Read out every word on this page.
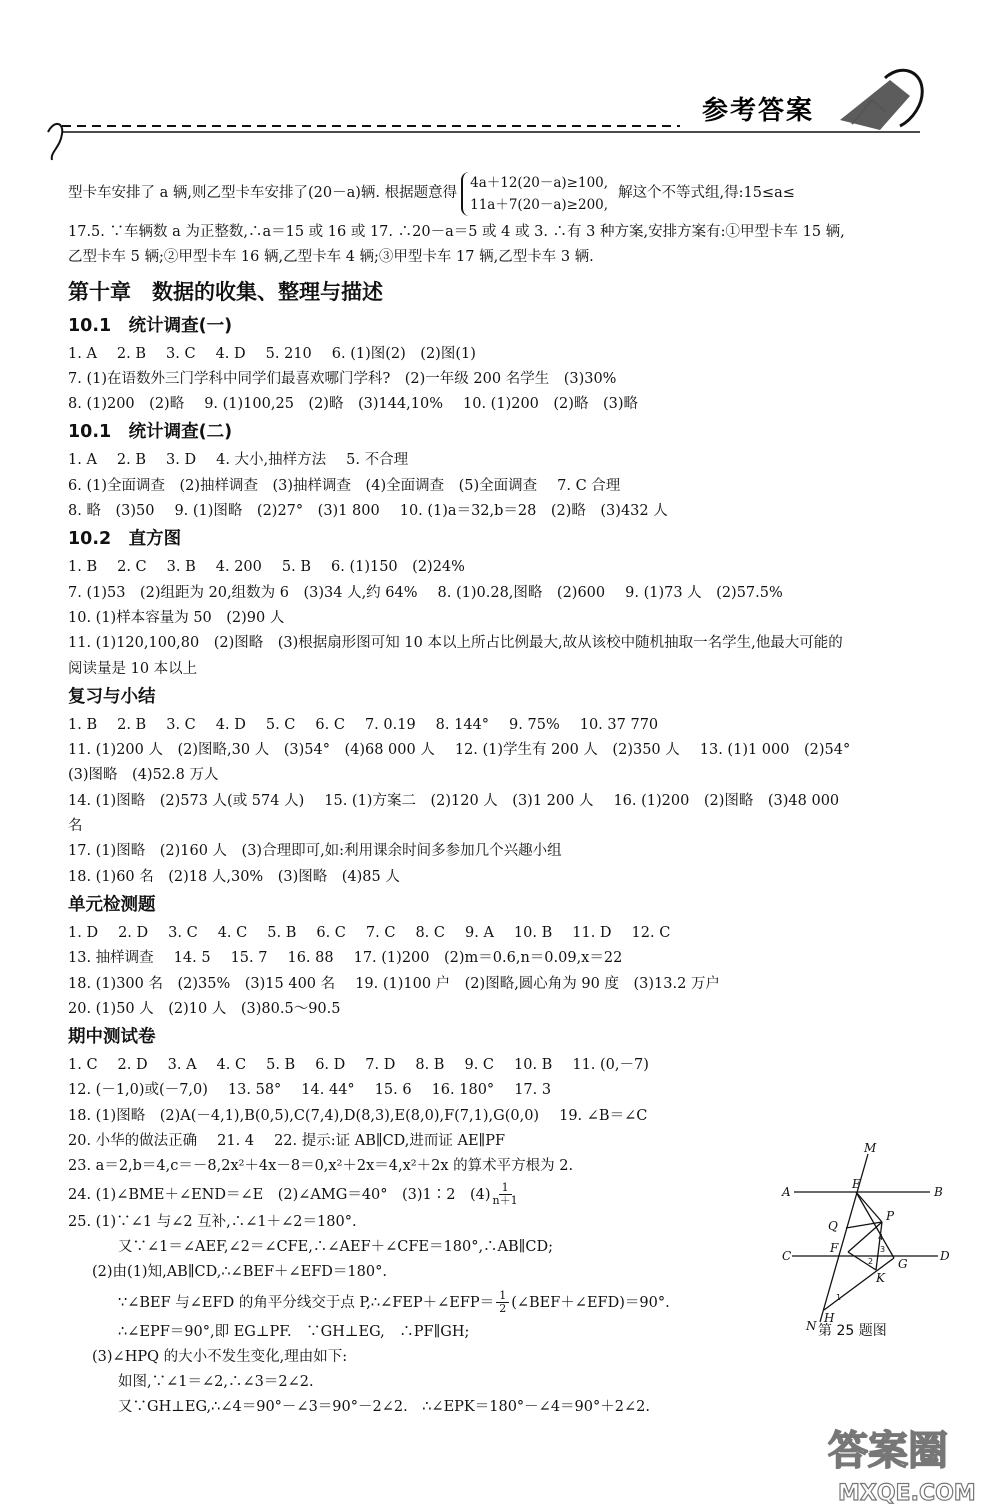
参考答案
型卡车安排了 a 辆,则乙型卡车安排了(20－a)辆. 根据题意得
4a＋12(20－a)≥100,
11a＋7(20－a)≥200,
解这个不等式组,得:15≤a≤
17.5. ∵车辆数 a 为正整数,∴a＝15 或 16 或 17. ∴20－a＝5 或 4 或 3. ∴有 3 种方案,安排方案有:①甲型卡车 15 辆,
乙型卡车 5 辆;②甲型卡车 16 辆,乙型卡车 4 辆;③甲型卡车 17 辆,乙型卡车 3 辆.
第十章　数据的收集、整理与描述
10.1　统计调查(一)
1. A 2. B 3. C 4. D 5. 210 6. (1)图(2)　(2)图(1)
7. (1)在语数外三门学科中同学们最喜欢哪门学科?　(2)一年级 200 名学生　(3)30%
8. (1)200　(2)略 9. (1)100,25　(2)略　(3)144,10% 10. (1)200　(2)略　(3)略
10.1　统计调查(二)
1. A 2. B 3. D 4. 大小,抽样方法 5. 不合理
6. (1)全面调查　(2)抽样调查　(3)抽样调查　(4)全面调查　(5)全面调查 7. C 合理
8. 略　(3)50 9. (1)图略　(2)27°　(3)1 800 10. (1)a＝32,b＝28　(2)略　(3)432 人
10.2　直方图
1. B 2. C 3. B 4. 200 5. B 6. (1)150　(2)24%
7. (1)53　(2)组距为 20,组数为 6　(3)34 人,约 64% 8. (1)0.28,图略　(2)600 9. (1)73 人　(2)57.5%
10. (1)样本容量为 50　(2)90 人
11. (1)120,100,80　(2)图略　(3)根据扇形图可知 10 本以上所占比例最大,故从该校中随机抽取一名学生,他最大可能的
阅读量是 10 本以上
复习与小结
1. B 2. B 3. C 4. D 5. C 6. C 7. 0.19 8. 144° 9. 75% 10. 37 770
11. (1)200 人　(2)图略,30 人　(3)54°　(4)68 000 人 12. (1)学生有 200 人　(2)350 人 13. (1)1 000　(2)54°
(3)图略　(4)52.8 万人
14. (1)图略　(2)573 人(或 574 人) 15. (1)方案二　(2)120 人　(3)1 200 人 16. (1)200　(2)图略　(3)48 000
名
17. (1)图略　(2)160 人　(3)合理即可,如:利用课余时间多参加几个兴趣小组
18. (1)60 名　(2)18 人,30%　(3)图略　(4)85 人
单元检测题
1. D 2. D 3. C 4. C 5. B 6. C 7. C 8. C 9. A 10. B 11. D 12. C
13. 抽样调查 14. 5 15. 7 16. 88 17. (1)200　(2)m＝0.6,n＝0.09,x＝22
18. (1)300 名　(2)35%　(3)15 400 名 19. (1)100 户　(2)图略,圆心角为 90 度　(3)13.2 万户
20. (1)50 人　(2)10 人　(3)80.5～90.5
期中测试卷
1. C 2. D 3. A 4. C 5. B 6. D 7. D 8. B 9. C 10. B 11. (0,－7)
12. (－1,0)或(－7,0) 13. 58° 14. 44° 15. 6 16. 180° 17. 3
18. (1)图略　(2)A(－4,1),B(0,5),C(7,4),D(8,3),E(8,0),F(7,1),G(0,0) 19. ∠B＝∠C
20. 小华的做法正确 21. 4 22. 提示:证 AB∥CD,进而证 AE∥PF
23. a＝2,b＝4,c＝－8,2x²＋4x－8＝0,x²＋2x＝4,x²＋2x 的算术平方根为 2.
24. (1)∠BME＋∠END＝∠E　(2)∠AMG＝40°　(3)1∶2　$(4) \frac{1}{n+1}$
25. (1)∵∠1 与∠2 互补,∴∠1＋∠2＝180°.
又∵∠1＝∠AEF,∠2＝∠CFE,∴∠AEF＋∠CFE＝180°,∴AB∥CD;
(2)由(1)知,AB∥CD,∴∠BEF＋∠EFD＝180°.
∵∠BEF 与∠EFD 的角平分线交于点 P,∴∠FEP＋∠EFP＝ $\frac{1}{2}$ (∠BEF＋∠EFD)＝90°.
∴∠EPF＝90°,即 EG⊥PF.　∵GH⊥EG,　∴PF∥GH;
(3)∠HPQ 的大小不发生变化,理由如下:
如图,∵∠1＝∠2,∴∠3＝2∠2.
又∵GH⊥EG,∴∠4＝90°－∠3＝90°－2∠2.　∴∠EPK＝180°－∠4＝90°＋2∠2.
M
A
E
B
Q
P
C
F
D
G
K
N
H
4
3
2
1
第 25 题图
答案圈
MXQE.COM
